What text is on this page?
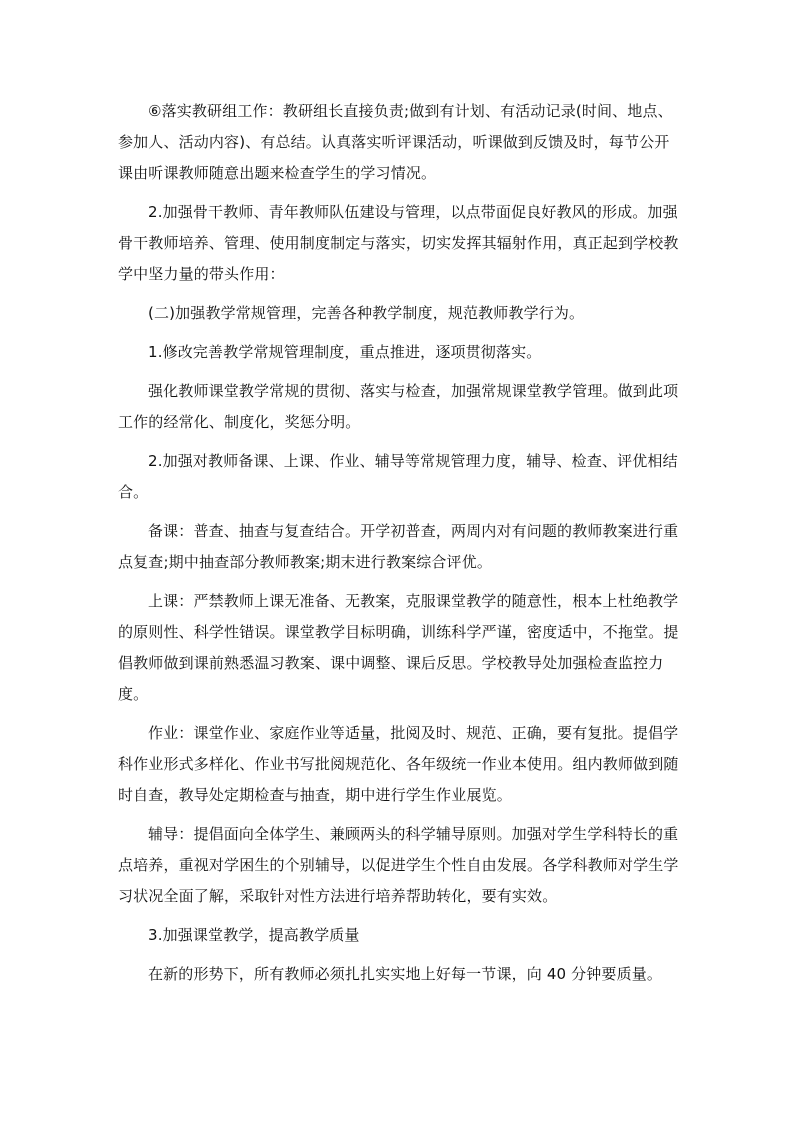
⑥落实教研组工作：教研组长直接负责;做到有计划、有活动记录(时间、地点、参加人、活动内容)、有总结。认真落实听评课活动，听课做到反馈及时，每节公开课由听课教师随意出题来检查学生的学习情况。

2.加强骨干教师、青年教师队伍建设与管理，以点带面促良好教风的形成。加强骨干教师培养、管理、使用制度制定与落实，切实发挥其辐射作用，真正起到学校教学中坚力量的带头作用：

(二)加强教学常规管理，完善各种教学制度，规范教师教学行为。

1.修改完善教学常规管理制度，重点推进，逐项贯彻落实。

强化教师课堂教学常规的贯彻、落实与检查，加强常规课堂教学管理。做到此项工作的经常化、制度化，奖惩分明。

2.加强对教师备课、上课、作业、辅导等常规管理力度，辅导、检查、评优相结合。

备课：普查、抽查与复查结合。开学初普查，两周内对有问题的教师教案进行重点复查;期中抽查部分教师教案;期末进行教案综合评优。

上课：严禁教师上课无准备、无教案，克服课堂教学的随意性，根本上杜绝教学的原则性、科学性错误。课堂教学目标明确，训练科学严谨，密度适中，不拖堂。提倡教师做到课前熟悉温习教案、课中调整、课后反思。学校教导处加强检查监控力度。

作业：课堂作业、家庭作业等适量，批阅及时、规范、正确，要有复批。提倡学科作业形式多样化、作业书写批阅规范化、各年级统一作业本使用。组内教师做到随时自查，教导处定期检查与抽查，期中进行学生作业展览。

辅导：提倡面向全体学生、兼顾两头的科学辅导原则。加强对学生学科特长的重点培养，重视对学困生的个别辅导，以促进学生个性自由发展。各学科教师对学生学习状况全面了解，采取针对性方法进行培养帮助转化，要有实效。

3.加强课堂教学，提高教学质量

在新的形势下，所有教师必须扎扎实实地上好每一节课，向 40 分钟要质量。
